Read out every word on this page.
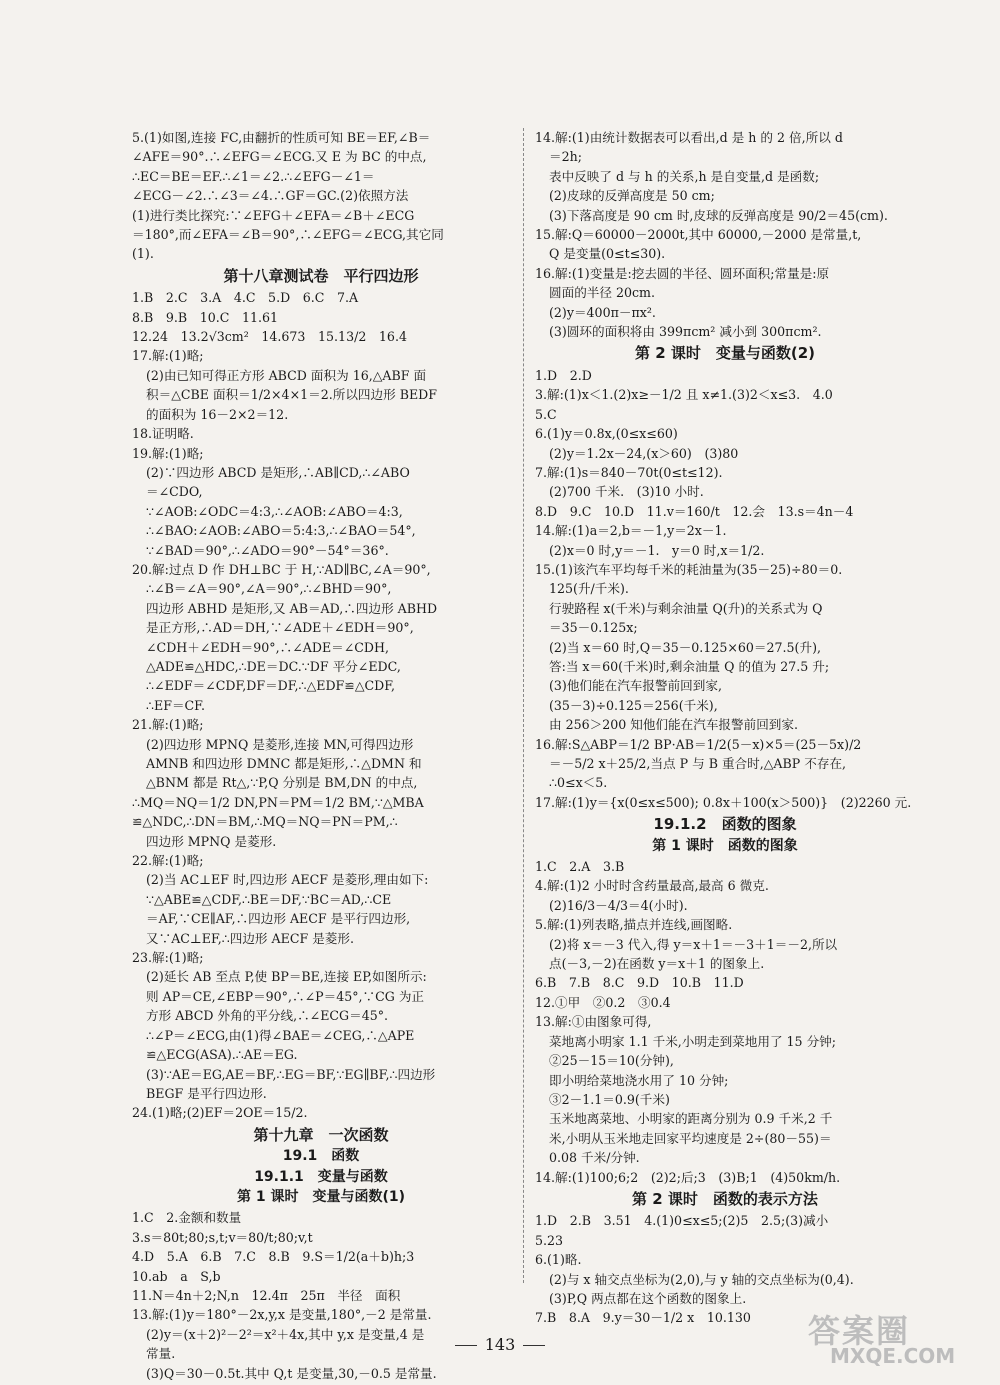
5.(1)如图,连接 FC,由翻折的性质可知 BE＝EF,∠B＝
∠AFE＝90°.∴∠EFG＝∠ECG.又 E 为 BC 的中点,
∴EC＝BE＝EF.∴∠1＝∠2.∴∠EFG－∠1＝
∠ECG－∠2.∴∠3＝∠4.∴GF＝GC.(2)依照方法
(1)进行类比探究:∵∠EFG＋∠EFA＝∠B＋∠ECG
＝180°,而∠EFA＝∠B＝90°,∴∠EFG＝∠ECG,其它同
(1).
第十八章测试卷　平行四边形
1.B　2.C　3.A　4.C　5.D　6.C　7.A
8.B　9.B　10.C　11.61
12.24　13.2√3cm²　14.673　15.13/2　16.4
17.解:(1)略;
(2)由已知可得正方形 ABCD 面积为 16,△ABF 面
积＝△CBE 面积＝1/2×4×1＝2.所以四边形 BEDF
的面积为 16－2×2＝12.
18.证明略.
19.解:(1)略;
(2)∵四边形 ABCD 是矩形,∴AB∥CD,∴∠ABO
＝∠CDO,
∵∠AOB:∠ODC＝4:3,∴∠AOB:∠ABO＝4:3,
∴∠BAO:∠AOB:∠ABO＝5:4:3,∴∠BAO＝54°,
∵∠BAD＝90°,∴∠ADO＝90°－54°＝36°.
20.解:过点 D 作 DH⊥BC 于 H,∵AD∥BC,∠A＝90°,
∴∠B＝∠A＝90°,∠A＝90°,∴∠BHD＝90°,
四边形 ABHD 是矩形,又 AB＝AD,∴四边形 ABHD
是正方形,∴AD＝DH,∵∠ADE＋∠EDH＝90°,
∠CDH＋∠EDH＝90°,∴∠ADE＝∠CDH,
△ADE≌△HDC,∴DE＝DC.∵DF 平分∠EDC,
∴∠EDF＝∠CDF,DF＝DF,∴△EDF≌△CDF,
∴EF＝CF.
21.解:(1)略;
(2)四边形 MPNQ 是菱形,连接 MN,可得四边形
AMNB 和四边形 DMNC 都是矩形,∴△DMN 和
△BNM 都是 Rt△,∵P,Q 分别是 BM,DN 的中点,
∴MQ＝NQ＝1/2 DN,PN＝PM＝1/2 BM,∵△MBA
≌△NDC,∴DN＝BM,∴MQ＝NQ＝PN＝PM,∴
四边形 MPNQ 是菱形.
22.解:(1)略;
(2)当 AC⊥EF 时,四边形 AECF 是菱形,理由如下:
∵△ABE≌△CDF,∴BE＝DF,∵BC＝AD,∴CE
＝AF,∵CE∥AF,∴四边形 AECF 是平行四边形,
又∵AC⊥EF,∴四边形 AECF 是菱形.
23.解:(1)略;
(2)延长 AB 至点 P,使 BP＝BE,连接 EP,如图所示:
则 AP＝CE,∠EBP＝90°,∴∠P＝45°,∵CG 为正
方形 ABCD 外角的平分线,∴∠ECG＝45°.
∴∠P＝∠ECG,由(1)得∠BAE＝∠CEG,∴△APE
≌△ECG(ASA).∴AE＝EG.
(3)∵AE＝EG,AE＝BF,∴EG＝BF,∵EG∥BF,∴四边形
BEGF 是平行四边形.
24.(1)略;(2)EF＝2OE＝15/2.
第十九章　一次函数
19.1　函数
19.1.1　变量与函数
第 1 课时　变量与函数(1)
1.C　2.金额和数量
3.s＝80t;80;s,t;v＝80/t;80;v,t
4.D　5.A　6.B　7.C　8.B　9.S＝1/2(a＋b)h;3
10.ab　a　S,b
11.N＝4n＋2;N,n　12.4π　25π　半径　面积
13.解:(1)y＝180°－2x,y,x 是变量,180°,－2 是常量.
(2)y＝(x＋2)²－2²＝x²＋4x,其中 y,x 是变量,4 是
常量.
(3)Q＝30－0.5t.其中 Q,t 是变量,30,－0.5 是常量.
14.解:(1)由统计数据表可以看出,d 是 h 的 2 倍,所以 d
＝2h;
表中反映了 d 与 h 的关系,h 是自变量,d 是函数;
(2)皮球的反弹高度是 50 cm;
(3)下落高度是 90 cm 时,皮球的反弹高度是 90/2＝45(cm).
15.解:Q＝60000－2000t,其中 60000,－2000 是常量,t,
Q 是变量(0≤t≤30).
16.解:(1)变量是:挖去圆的半径、圆环面积;常量是:原
圆面的半径 20cm.
(2)y＝400π－πx².
(3)圆环的面积将由 399πcm² 减小到 300πcm².
第 2 课时　变量与函数(2)
1.D　2.D
3.解:(1)x＜1.(2)x≥－1/2 且 x≠1.(3)2＜x≤3.　4.0
5.C
6.(1)y＝0.8x,(0≤x≤60)
(2)y＝1.2x－24,(x＞60)　(3)80
7.解:(1)s＝840－70t(0≤t≤12).
(2)700 千米.　(3)10 小时.
8.D　9.C　10.D　11.v＝160/t　12.会　13.s＝4n－4
14.解:(1)a＝2,b＝－1,y＝2x－1.
(2)x＝0 时,y＝－1.　y＝0 时,x＝1/2.
15.(1)该汽车平均每千米的耗油量为(35－25)÷80＝0.
125(升/千米).
行驶路程 x(千米)与剩余油量 Q(升)的关系式为 Q
＝35－0.125x;
(2)当 x＝60 时,Q＝35－0.125×60＝27.5(升),
答:当 x＝60(千米)时,剩余油量 Q 的值为 27.5 升;
(3)他们能在汽车报警前回到家,
(35－3)÷0.125＝256(千米),
由 256＞200 知他们能在汽车报警前回到家.
16.解:S△ABP＝1/2 BP·AB＝1/2(5－x)×5＝(25－5x)/2
＝－5/2 x＋25/2,当点 P 与 B 重合时,△ABP 不存在,
∴0≤x＜5.
17.解:(1)y＝{x(0≤x≤500); 0.8x＋100(x＞500)}　(2)2260 元.
19.1.2　函数的图象
第 1 课时　函数的图象
1.C　2.A　3.B
4.解:(1)2 小时时含药量最高,最高 6 微克.
(2)16/3－4/3＝4(小时).
5.解:(1)列表略,描点并连线,画图略.
(2)将 x＝－3 代入,得 y＝x＋1＝－3＋1＝－2,所以
点(－3,－2)在函数 y＝x＋1 的图象上.
6.B　7.B　8.C　9.D　10.B　11.D
12.①甲　②0.2　③0.4
13.解:①由图象可得,
菜地离小明家 1.1 千米,小明走到菜地用了 15 分钟;
②25－15＝10(分钟),
即小明给菜地浇水用了 10 分钟;
③2－1.1＝0.9(千米)
玉米地离菜地、小明家的距离分别为 0.9 千米,2 千
米,小明从玉米地走回家平均速度是 2÷(80－55)＝
0.08 千米/分钟.
14.解:(1)100;6;2　(2)2;后;3　(3)B;1　(4)50km/h.
第 2 课时　函数的表示方法
1.D　2.B　3.51　4.(1)0≤x≤5;(2)5　2.5;(3)减小
5.23
6.(1)略.
(2)与 x 轴交点坐标为(2,0),与 y 轴的交点坐标为(0,4).
(3)P,Q 两点都在这个函数的图象上.
7.B　8.A　9.y＝30－1/2 x　10.130
143	答案圈
MXQE.COM
